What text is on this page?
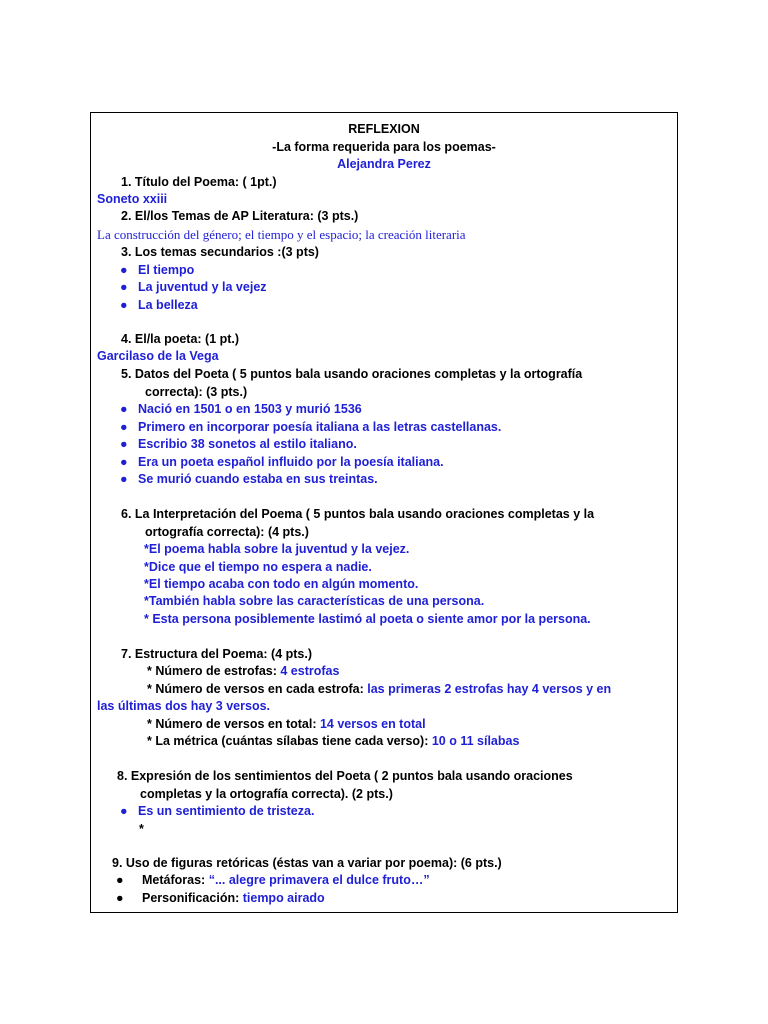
REFLEXION
-La forma requerida para los poemas-
Alejandra Perez
1. Título del Poema: ( 1pt.)
Soneto xxiii
2. El/los Temas de AP Literatura: (3 pts.)
La construcción del género; el tiempo y el espacio; la creación literaria
3. Los temas secundarios :(3 pts)
● El tiempo
● La juventud y la vejez
● La belleza
4. El/la poeta: (1 pt.)
Garcilaso de la Vega
5. Datos del Poeta ( 5 puntos bala usando oraciones completas y la ortografía
correcta): (3 pts.)
● Nació en 1501 o en 1503 y murió 1536
● Primero en incorporar poesía italiana a las letras castellanas.
● Escribio 38 sonetos al estilo italiano.
● Era un poeta español influido por la poesía italiana.
● Se murió cuando estaba en sus treintas.
6. La Interpretación del Poema ( 5 puntos bala usando oraciones completas y la
ortografía correcta): (4 pts.)
*El poema habla sobre la juventud y la vejez.
*Dice que el tiempo no espera a nadie.
*El tiempo acaba con todo en algún momento.
*También habla sobre las características de una persona.
* Esta persona posiblemente lastimó al poeta o siente amor por la persona.
7. Estructura del Poema: (4 pts.)
* Número de estrofas: 4 estrofas
* Número de versos en cada estrofa: las primeras 2 estrofas hay 4 versos y en
las últimas dos hay 3 versos.
* Número de versos en total: 14 versos en total
* La métrica (cuántas sílabas tiene cada verso): 10 o 11 sílabas
8. Expresión de los sentimientos del Poeta ( 2 puntos bala usando oraciones
completas y la ortografía correcta). (2 pts.)
● Es un sentimiento de tristeza.
*
9. Uso de figuras retóricas (éstas van a variar por poema): (6 pts.)
● Metáforas: “... alegre primavera el dulce fruto…”
● Personificación: tiempo airado
